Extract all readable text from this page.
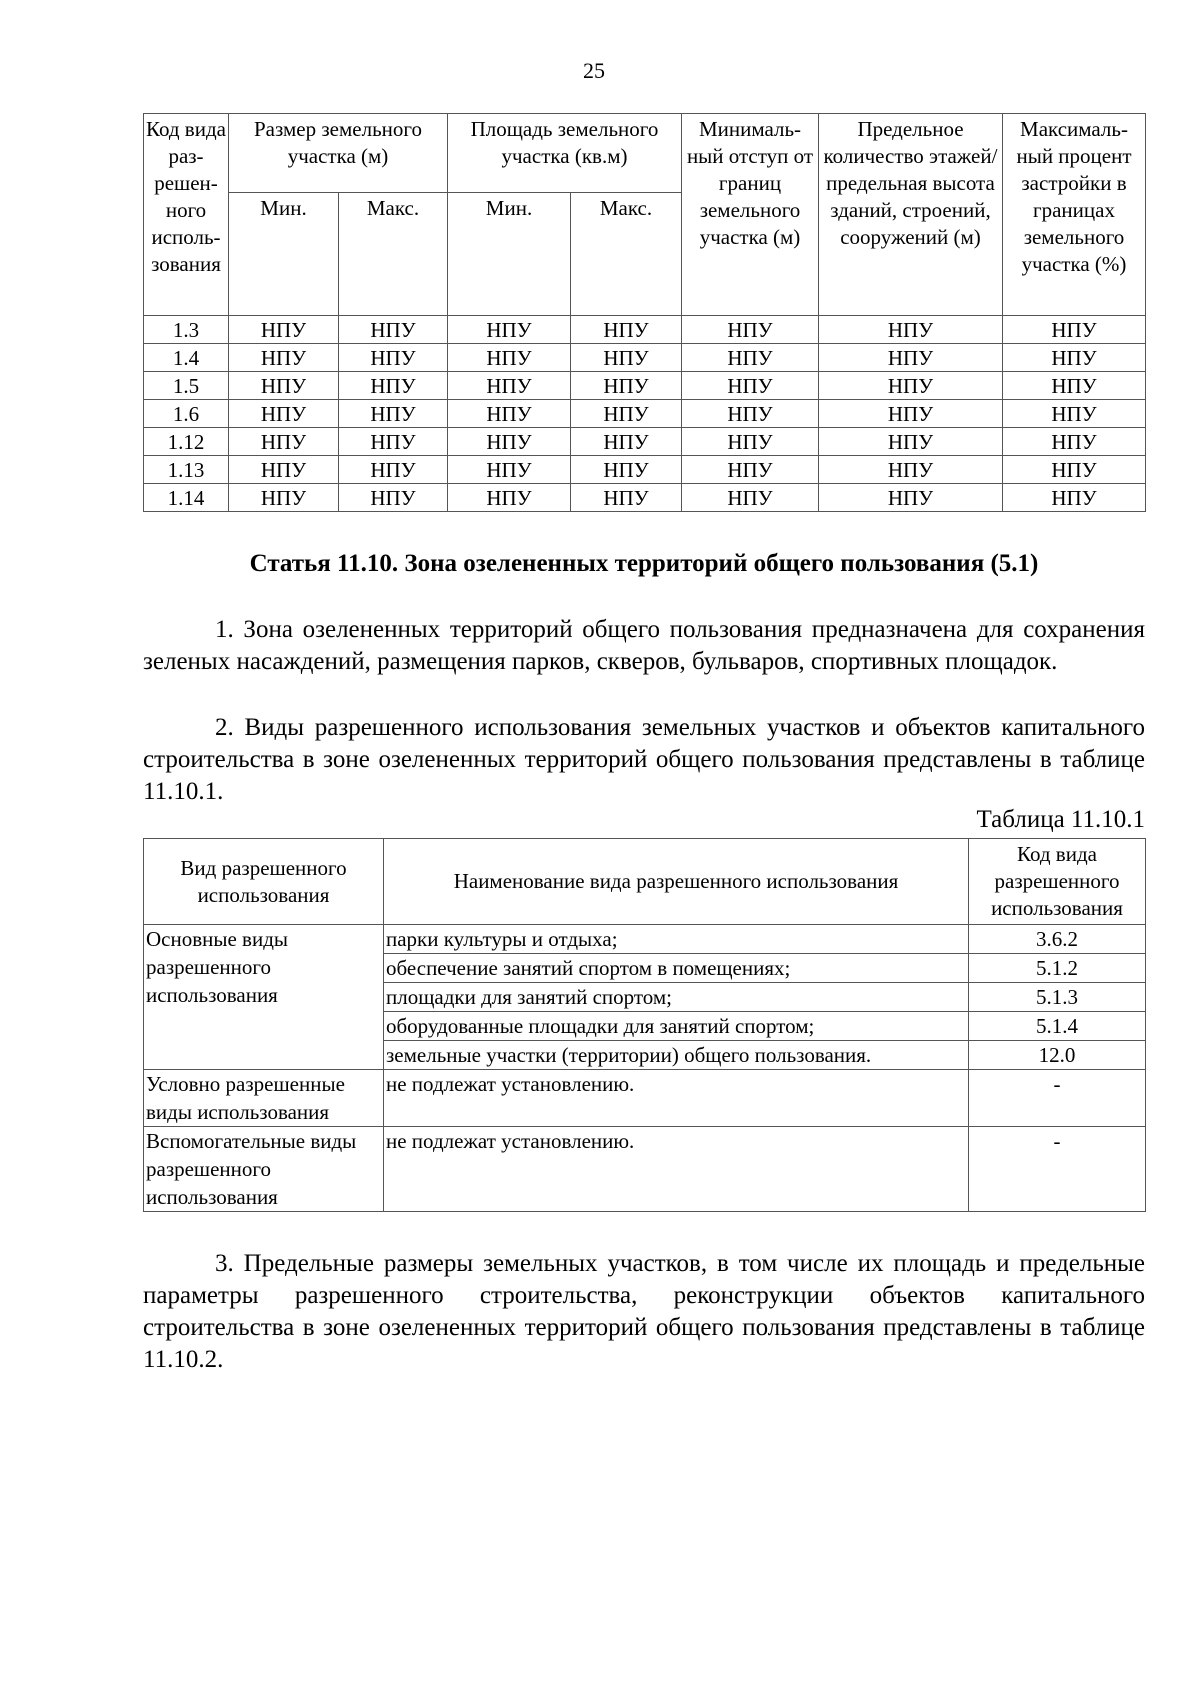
25
Код вида раз-решен-ного исполь-зования	Размер земельного участка (м)		Площадь земельного участка (кв.м)		Минималь-ный отступ от границ земельного участка (м)	Предельное количество этажей/ предельная высота зданий, строений, сооружений (м)	Максималь-ный процент застройки в границах земельного участка (%)
	Мин.	Макс.	Мин.	Макс.			
1.3	НПУ	НПУ	НПУ	НПУ	НПУ	НПУ	НПУ
1.4	НПУ	НПУ	НПУ	НПУ	НПУ	НПУ	НПУ
1.5	НПУ	НПУ	НПУ	НПУ	НПУ	НПУ	НПУ
1.6	НПУ	НПУ	НПУ	НПУ	НПУ	НПУ	НПУ
1.12	НПУ	НПУ	НПУ	НПУ	НПУ	НПУ	НПУ
1.13	НПУ	НПУ	НПУ	НПУ	НПУ	НПУ	НПУ
1.14	НПУ	НПУ	НПУ	НПУ	НПУ	НПУ	НПУ
Статья 11.10. Зона озелененных территорий общего пользования (5.1)

1. Зона озелененных территорий общего пользования предназначена для сохранения зеленых насаждений, размещения парков, скверов, бульваров, спортивных площадок.

2. Виды разрешенного использования земельных участков и объектов капитального строительства в зоне озелененных территорий общего пользования представлены в таблице 11.10.1.

Таблица 11.10.1
Вид разрешенного использования	Наименование вида разрешенного использования	Код вида разрешенного использования
Основные виды разрешенного использования	парки культуры и отдыха;	3.6.2
	обеспечение занятий спортом в помещениях;	5.1.2
	площадки для занятий спортом;	5.1.3
	оборудованные площадки для занятий спортом;	5.1.4
	земельные участки (территории) общего пользования.	12.0
Условно разрешенные виды использования	не подлежат установлению.	-
Вспомогательные виды разрешенного использования	не подлежат установлению.	-

3. Предельные размеры земельных участков, в том числе их площадь и предельные параметры разрешенного строительства, реконструкции объектов капитального строительства в зоне озелененных территорий общего пользования представлены в таблице 11.10.2.
